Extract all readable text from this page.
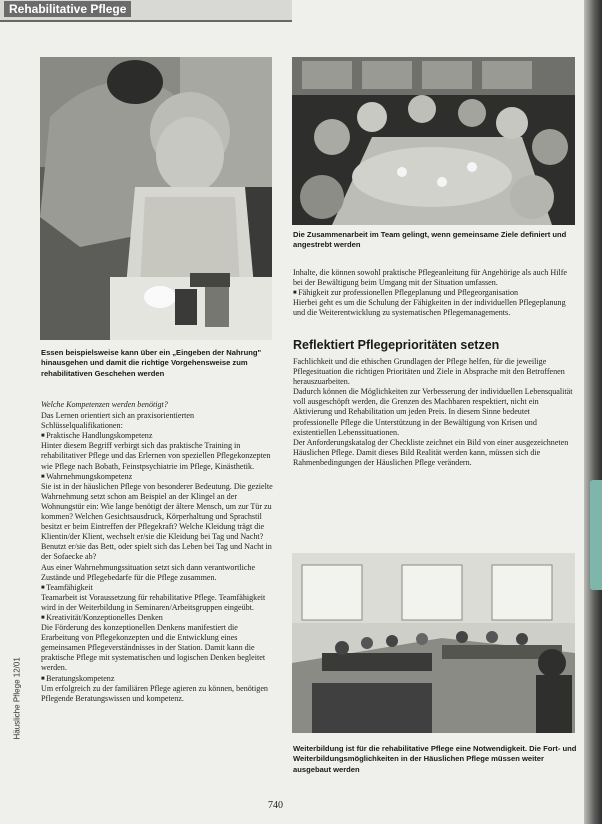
Rehabilitative Pflege
Essen beispielsweise kann über ein „Eingeben der Nahrung" hinausgehen und damit die richtige Vorgehensweise zum rehabilitativen Geschehen werden

Welche Kompetenzen werden benötigt?

Das Lernen orientiert sich an praxisorientierten Schlüsselqualifikationen:

■ Praktische Handlungskompetenz

Hinter diesem Begriff verbirgt sich das praktische Training in rehabilitativer Pflege und das Erlernen von speziellen Pflegekonzepten wie Pflege nach Bobath, Feinstpsychiatrie im Pflege, Kinästhetik.

■ Wahrnehmungskompetenz

Sie ist in der häuslichen Pflege von besonderer Bedeutung. Die gezielte Wahrnehmung setzt schon am Beispiel an der Klingel an der Wohnungstür ein: Wie lange benötigt der ältere Mensch, um zur Tür zu kommen? Welchen Gesichtsausdruck, Körperhaltung und Sprachstil besitzt er beim Eintreffen der Pflegekraft? Welche Kleidung trägt die Klientin/der Klient, wechselt er/sie die Kleidung bei Tag und Nacht? Benutzt er/sie das Bett, oder spielt sich das Leben bei Tag und Nacht in der Sofaecke ab?

Aus einer Wahrnehmungssituation setzt sich dann verantwortliche Zustände und Pflegebedarfe für die Pflege zusammen.

■ Teamfähigkeit

Teamarbeit ist Voraussetzung für rehabilitative Pflege. Teamfähigkeit wird in der Weiterbildung in Seminaren/Arbeitsgruppen eingeübt.

■ Kreativität/Konzeptionelles Denken

Die Förderung des konzeptionellen Denkens manifestiert die Erarbeitung von Pflegekonzepten und die Entwicklung eines gemeinsamen Pflegeverständnisses in der Station. Damit kann die praktische Pflege mit systematischen und logischen Denken begleitet werden.

■ Beratungskompetenz

Um erfolgreich zu der familiären Pflege agieren zu können, benötigen Pflegende Beratungswissen und kompetenz.

Die Zusammenarbeit im Team gelingt, wenn gemeinsame Ziele definiert und angestrebt werden

Inhalte, die können sowohl praktische Pflegeanleitung für Angehörige als auch Hilfe bei der Bewältigung beim Umgang mit der Situation umfassen.

■ Fähigkeit zur professionellen Pflegeplanung und Pflegeorganisation

Hierbei geht es um die Schulung der Fähigkeiten in der individuellen Pflegeplanung und die Weiterentwicklung zu systematischen Pflegemanagements.

Reflektiert Pflegeprioritäten setzen

Fachlichkeit und die ethischen Grundlagen der Pflege helfen, für die jeweilige Pflegesituation die richtigen Prioritäten und Ziele in Absprache mit den Betroffenen herauszuarbeiten.

Dadurch können die Möglichkeiten zur Verbesserung der individuellen Lebensqualität voll ausgeschöpft werden, die Grenzen des Machbaren respektiert, nicht ein Aktivierung und Rehabilitation um jeden Preis. In diesem Sinne bedeutet professionelle Pflege die Unterstützung in der Bewältigung von Krisen und existentiellen Lebenssituationen.

Der Anforderungskatalog der Checkliste zeichnet ein Bild von einer ausgezeichneten Häuslichen Pflege. Damit dieses Bild Realität werden kann, müssen sich die Rahmenbedingungen der Häuslichen Pflege verändern.

Weiterbildung ist für die rehabilitative Pflege eine Notwendigkeit. Die Fort- und Weiterbildungsmöglichkeiten in der Häuslichen Pflege müssen weiter ausgebaut werden
Häusliche Pflege 12/01
740
